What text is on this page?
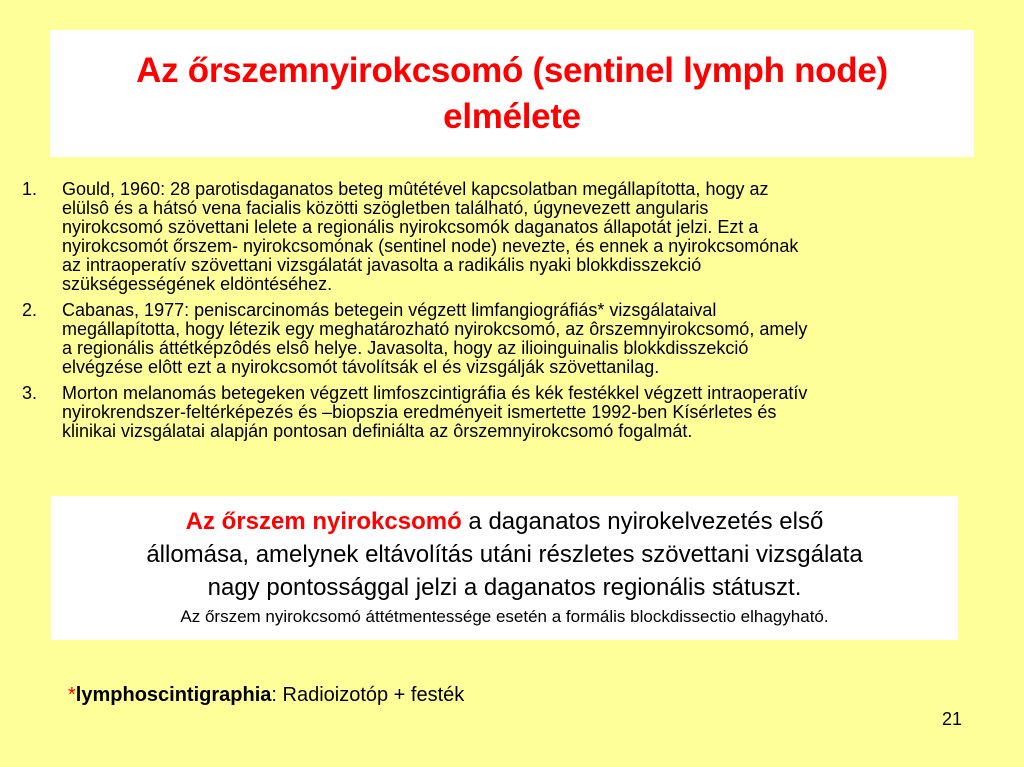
Az őrszemnyirokcsomó (sentinel lymph node)
elmélete
1. Gould, 1960: 28 parotisdaganatos beteg mûtétével kapcsolatban megállapította, hogy az
elülsô és a hátsó vena facialis közötti szögletben található, úgynevezett angularis
nyirokcsomó szövettani lelete a regionális nyirokcsomók daganatos állapotát jelzi. Ezt a
nyirokcsomót őrszem- nyirokcsomónak (sentinel node) nevezte, és ennek a nyirokcsomónak
az intraoperatív szövettani vizsgálatát javasolta a radikális nyaki blokkdisszekció
szükségességének eldöntéséhez.
2. Cabanas, 1977: peniscarcinomás betegein végzett limfangiográfiás* vizsgálataival
megállapította, hogy létezik egy meghatározható nyirokcsomó, az ôrszemnyirokcsomó, amely
a regionális áttétképzôdés elsô helye. Javasolta, hogy az ilioinguinalis blokkdisszekció
elvégzése elôtt ezt a nyirokcsomót távolítsák el és vizsgálják szövettanilag.
3. Morton melanomás betegeken végzett limfoszcintigráfia és kék festékkel végzett intraoperatív
nyirokrendszer-feltérképezés és –biopszia eredményeit ismertette 1992-ben Kísérletes és
klinikai vizsgálatai alapján pontosan definiálta az ôrszemnyirokcsomó fogalmát.
Az őrszem nyirokcsomó a daganatos nyirokelvezetés első
állomása, amelynek eltávolítás utáni részletes szövettani vizsgálata
nagy pontossággal jelzi a daganatos regionális státuszt.
Az őrszem nyirokcsomó áttétmentessége esetén a formális blockdissectio elhagyható.
*lymphoscintigraphia: Radioizotóp + festék
21
